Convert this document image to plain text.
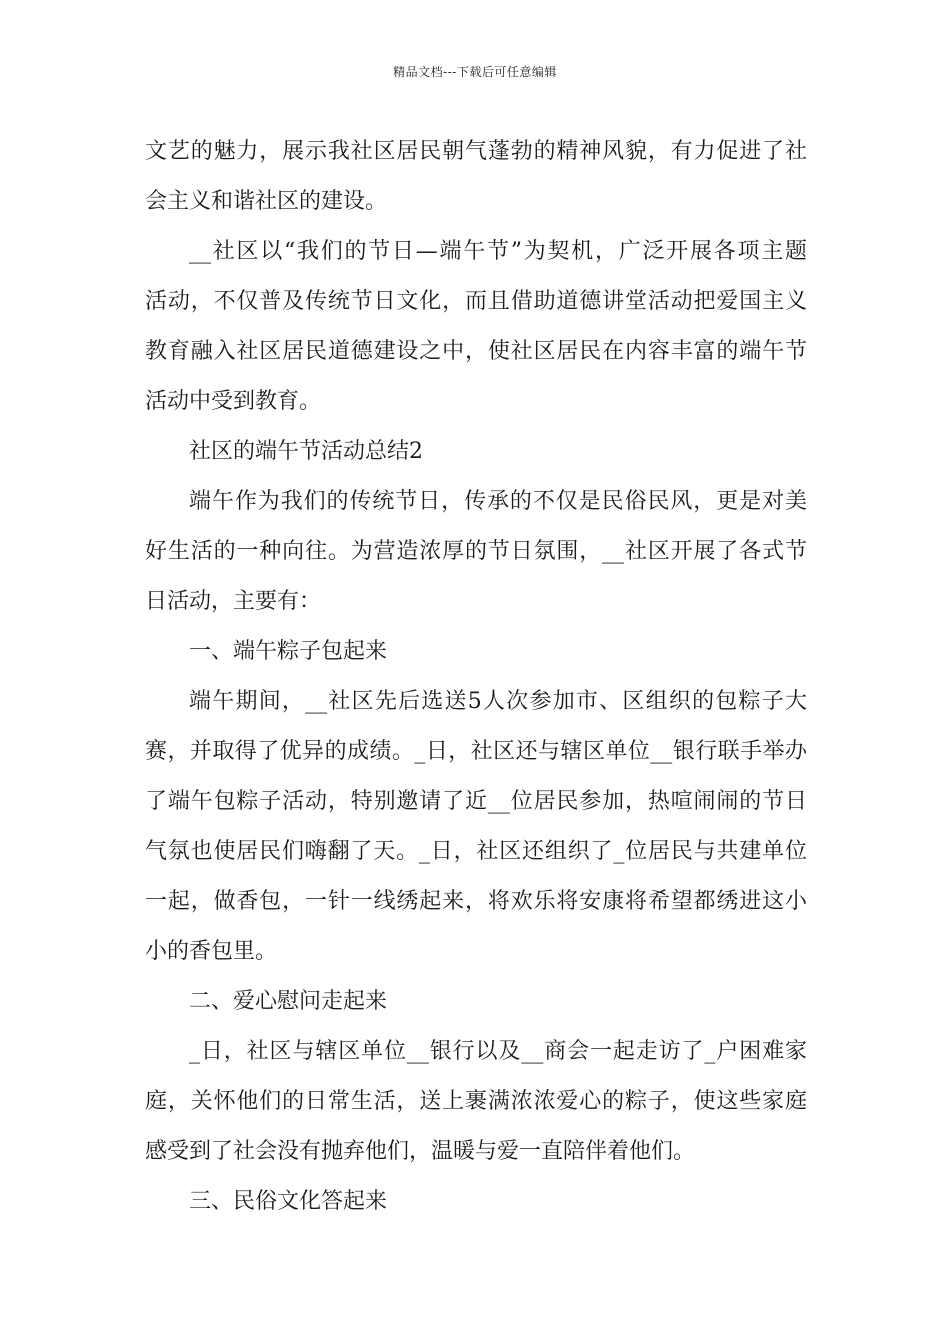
精品文档---下载后可任意编辑
文艺的魅力，展示我社区居民朝气蓬勃的精神风貌，有力促进了社
会主义和谐社区的建设。
__社区以“我们的节日—端午节”为契机，广泛开展各项主题
活动，不仅普及传统节日文化，而且借助道德讲堂活动把爱国主义
教育融入社区居民道德建设之中，使社区居民在内容丰富的端午节
活动中受到教育。
社区的端午节活动总结2
端午作为我们的传统节日，传承的不仅是民俗民风，更是对美
好生活的一种向往。为营造浓厚的节日氛围，__社区开展了各式节
日活动，主要有：
一、端午粽子包起来
端午期间，__社区先后选送5人次参加市、区组织的包粽子大
赛，并取得了优异的成绩。_日，社区还与辖区单位__银行联手举办
了端午包粽子活动，特别邀请了近__位居民参加，热喧闹闹的节日
气氛也使居民们嗨翻了天。_日，社区还组织了_位居民与共建单位
一起，做香包，一针一线绣起来，将欢乐将安康将希望都绣进这小
小的香包里。
二、爱心慰问走起来
_日，社区与辖区单位__银行以及__商会一起走访了_户困难家
庭，关怀他们的日常生活，送上裹满浓浓爱心的粽子，使这些家庭
感受到了社会没有抛弃他们，温暖与爱一直陪伴着他们。
三、民俗文化答起来
